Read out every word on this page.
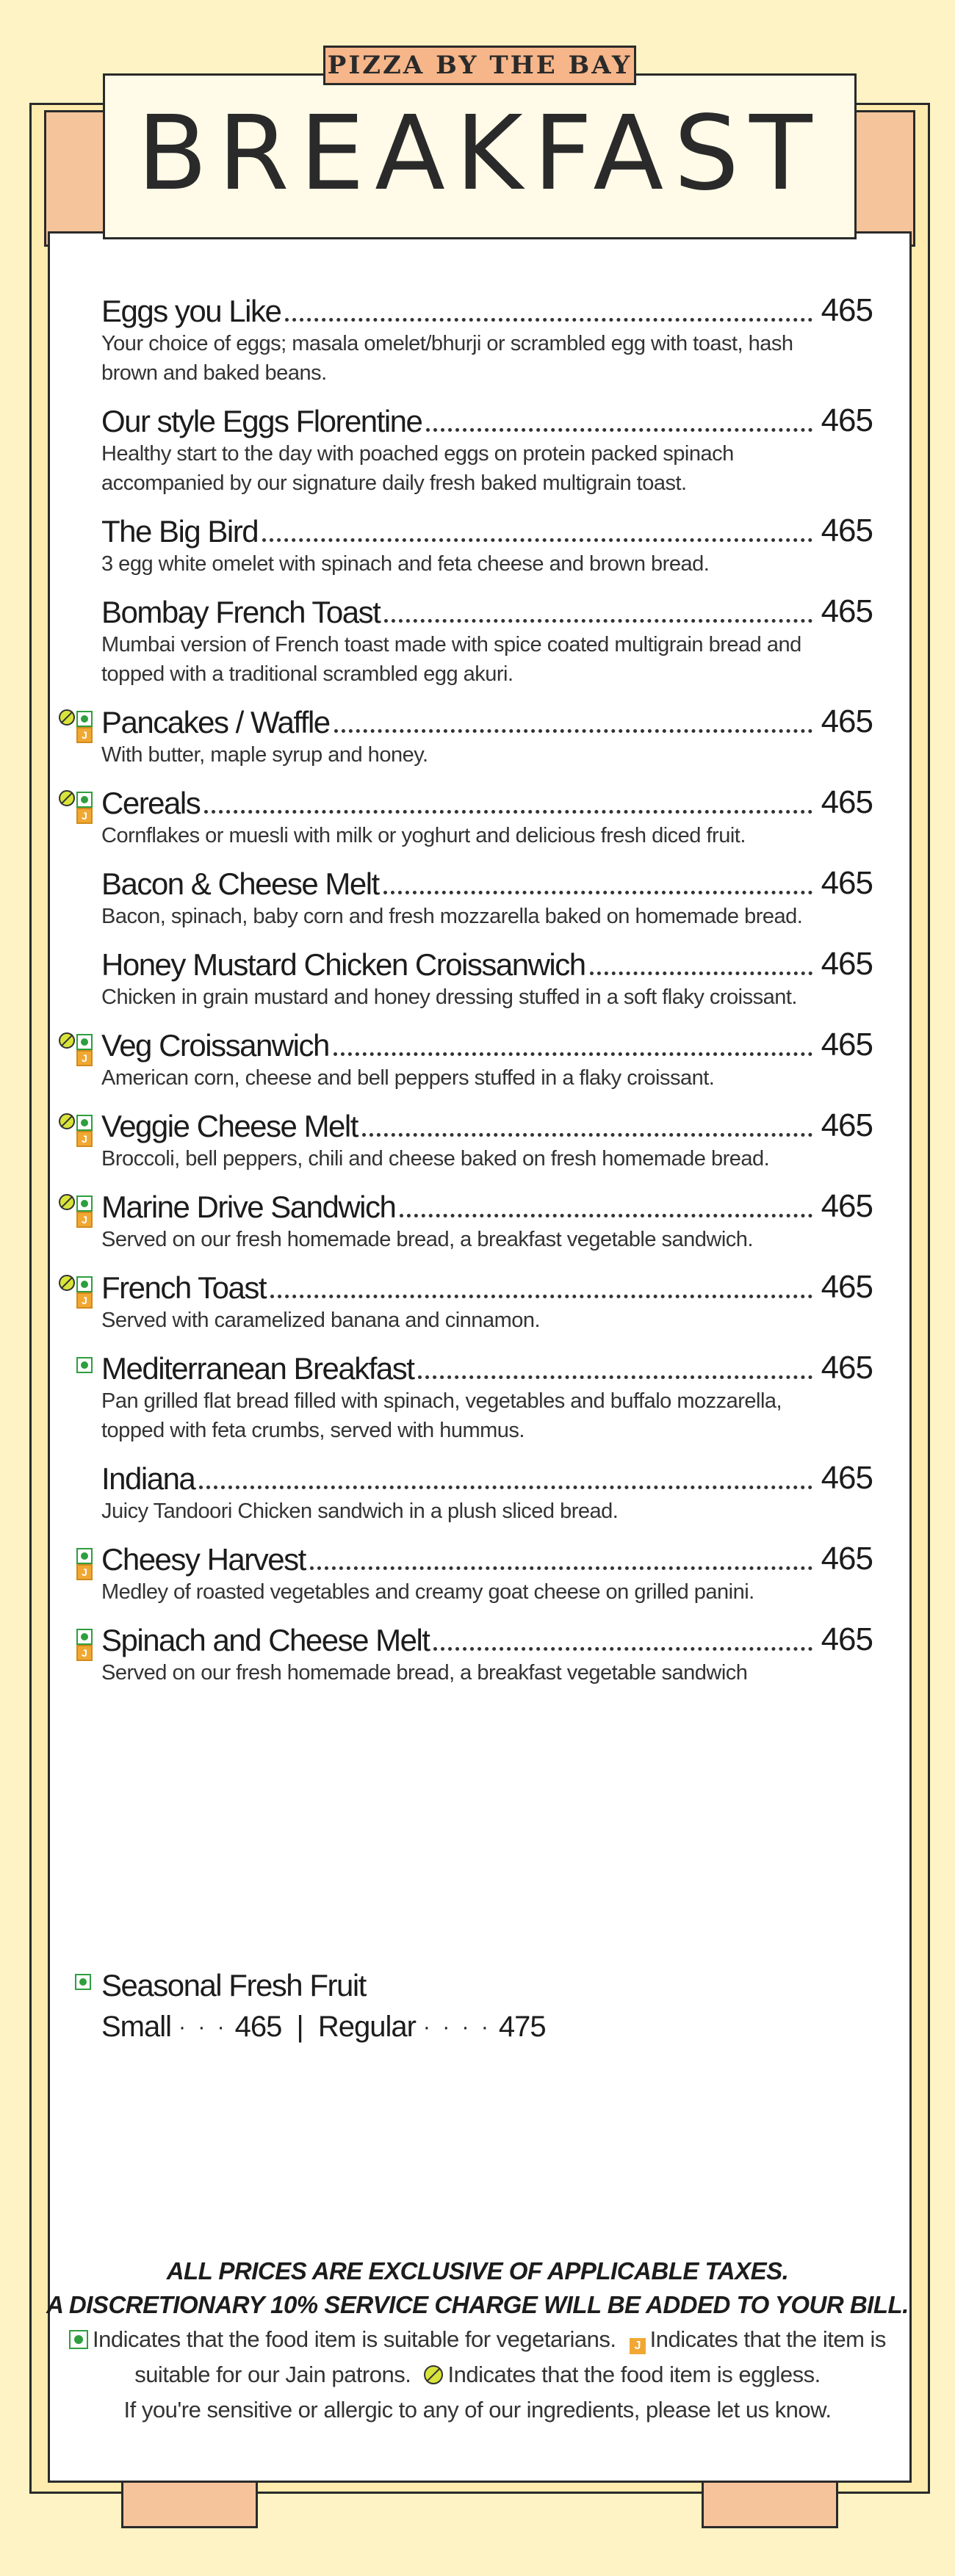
Eggs you Like	465
Your choice of eggs; masala omelet/bhurji or scrambled egg with toast, hash brown and baked beans.
Our style Eggs Florentine	465
Healthy start to the day with poached eggs on protein packed spinach accompanied by our signature daily fresh baked multigrain toast.
The Big Bird	465
3 egg white omelet with spinach and feta cheese and brown bread.
Bombay French Toast	465
Mumbai version of French toast made with spice coated multigrain bread and topped with a traditional scrambled egg akuri.
J Pancakes / Waffle	465
With butter, maple syrup and honey.
J Cereals	465
Cornflakes or muesli with milk or yoghurt and delicious fresh diced fruit.
Bacon & Cheese Melt	465
Bacon, spinach, baby corn and fresh mozzarella baked on homemade bread.
Honey Mustard Chicken Croissanwich	465
Chicken in grain mustard and honey dressing stuffed in a soft flaky croissant.
J Veg Croissanwich	465
American corn, cheese and bell peppers stuffed in a flaky croissant.
J Veggie Cheese Melt	465
Broccoli, bell peppers, chili and cheese baked on fresh homemade bread.
J Marine Drive Sandwich	465
Served on our fresh homemade bread, a breakfast vegetable sandwich.
J French Toast	465
Served with caramelized banana and cinnamon.
Mediterranean Breakfast	465
Pan grilled flat bread filled with spinach, vegetables and buffalo mozzarella, topped with feta crumbs, served with hummus.
Indiana	465
Juicy Tandoori Chicken sandwich in a plush sliced bread.
J Cheesy Harvest	465
Medley of roasted vegetables and creamy goat cheese on grilled panini.
J Spinach and Cheese Melt	465
Served on our fresh homemade bread, a breakfast vegetable sandwich
Seasonal Fresh Fruit
Small · · · 465 | Regular · · · · 475
BREAKFAST
PIZZA BY THE BAY
ALL PRICES ARE EXCLUSIVE OF APPLICABLE TAXES.
A DISCRETIONARY 10% SERVICE CHARGE WILL BE ADDED TO YOUR BILL.
Indicates that the food item is suitable for vegetarians. J Indicates that the item is suitable for our Jain patrons. Indicates that the food item is eggless.
If you're sensitive or allergic to any of our ingredients, please let us know.
